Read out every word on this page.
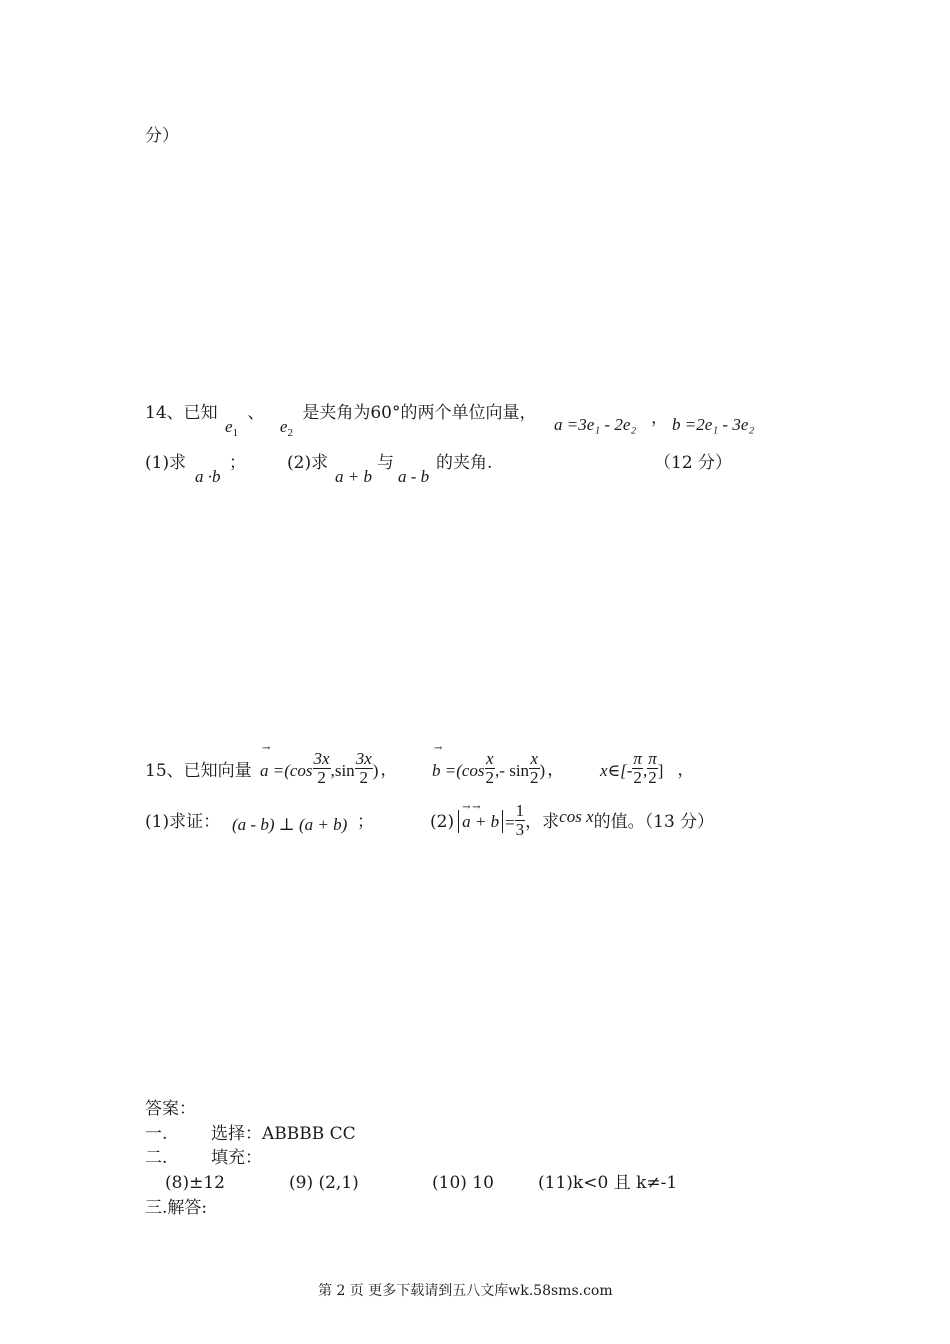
分）
14、已知 $e_1$ 、 $e_2$ 是夹角为60°的两个单位向量，
a =3e₁ - 2e₂ ， b =2e₁ - 3e₂
(1)求
a ·b
； (2)求
a + b
与
a - b
的夹角.	（12 分）
15、已知向量
→
$a =(\cos \frac{3x}{2} ,\sin \frac{3x}{2}$ ) ，
→
$b =(\cos \frac{x}{2}$ ,- $\sin \frac{x}{2}$ ) ， x∈[- $\frac{\pi}{2}$ , $\frac{\pi}{2}$ ] ，
(1)求证： (a - b) ⊥ (a + b) ；	(2)
→ →
$a + b = \frac{1}{3}$ ，求 cos x 的值。（13 分）
答案：
一.	选择：ABBBB CC
二.	填充：
(8)±12	(9) (2,1)	(10) 10	(11)k<0 且 k≠-1
三.解答:
第 2 页 更多下载请到五八文库wk.58sms.com
